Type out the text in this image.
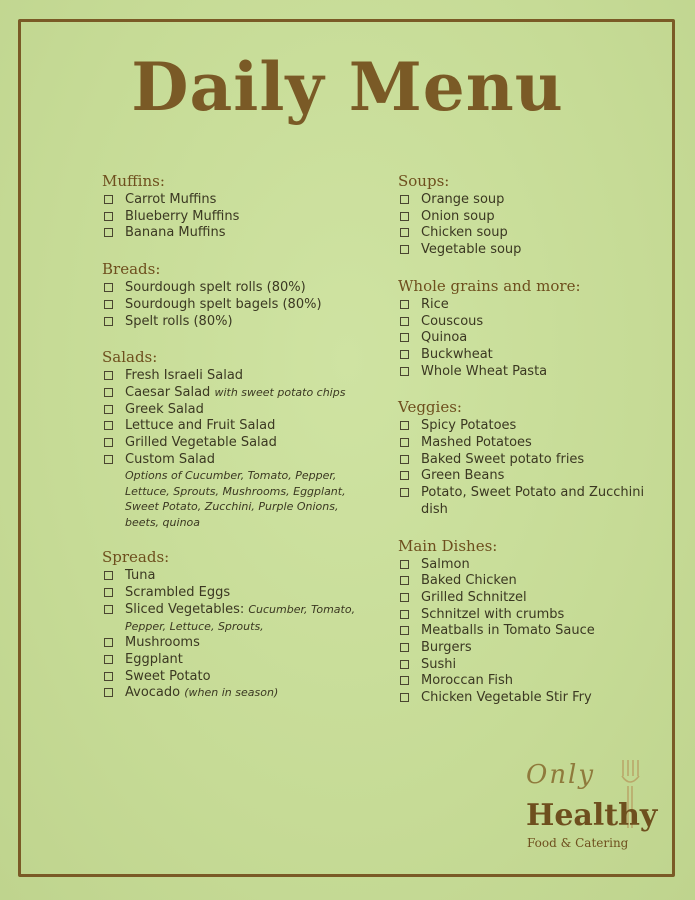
Daily Menu
Muffins:
Carrot Muffins
Blueberry Muffins
Banana Muffins
Breads:
Sourdough spelt rolls (80%)
Sourdough spelt bagels (80%)
Spelt rolls (80%)
Salads:
Fresh Israeli Salad
Caesar Salad with sweet potato chips
Greek Salad
Lettuce and Fruit Salad
Grilled Vegetable Salad
Custom Salad
Options of Cucumber, Tomato, Pepper, Lettuce, Sprouts, Mushrooms, Eggplant, Sweet Potato, Zucchini, Purple Onions, beets, quinoa
Spreads:
Tuna
Scrambled Eggs
Sliced Vegetables: Cucumber, Tomato, Pepper, Lettuce, Sprouts,
Mushrooms
Eggplant
Sweet Potato
Avocado (when in season)
Soups:
Orange soup
Onion soup
Chicken soup
Vegetable soup
Whole grains and more:
Rice
Couscous
Quinoa
Buckwheat
Whole Wheat Pasta
Veggies:
Spicy Potatoes
Mashed Potatoes
Baked Sweet potato fries
Green Beans
Potato, Sweet Potato and Zucchini dish
Main Dishes:
Salmon
Baked Chicken
Grilled Schnitzel
Schnitzel with crumbs
Meatballs in Tomato Sauce
Burgers
Sushi
Moroccan Fish
Chicken Vegetable Stir Fry
Only
Healthy
Food & Catering
